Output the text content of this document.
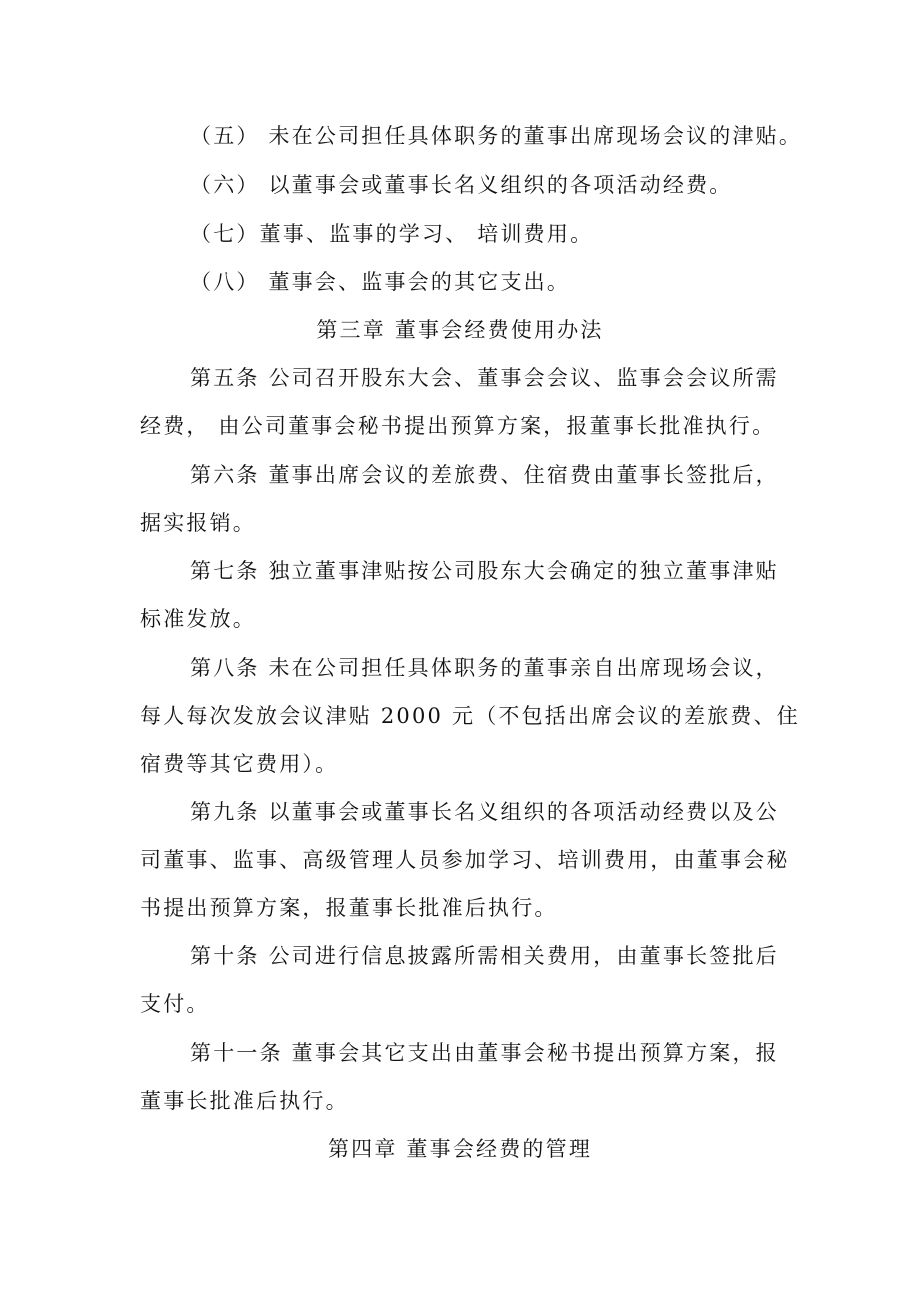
（五） 未在公司担任具体职务的董事出席现场会议的津贴。
（六） 以董事会或董事长名义组织的各项活动经费。
（七）董事、监事的学习、 培训费用。
（八） 董事会、监事会的其它支出。
第三章 董事会经费使用办法
第五条 公司召开股东大会、董事会会议、监事会会议所需
经费， 由公司董事会秘书提出预算方案，报董事长批准执行。
第六条 董事出席会议的差旅费、住宿费由董事长签批后，
据实报销。
第七条 独立董事津贴按公司股东大会确定的独立董事津贴
标准发放。
第八条 未在公司担任具体职务的董事亲自出席现场会议，
每人每次发放会议津贴 2000 元（不包括出席会议的差旅费、住
宿费等其它费用）。
第九条 以董事会或董事长名义组织的各项活动经费以及公
司董事、监事、高级管理人员参加学习、培训费用，由董事会秘
书提出预算方案，报董事长批准后执行。
第十条 公司进行信息披露所需相关费用，由董事长签批后
支付。
第十一条 董事会其它支出由董事会秘书提出预算方案，报
董事长批准后执行。
第四章 董事会经费的管理
